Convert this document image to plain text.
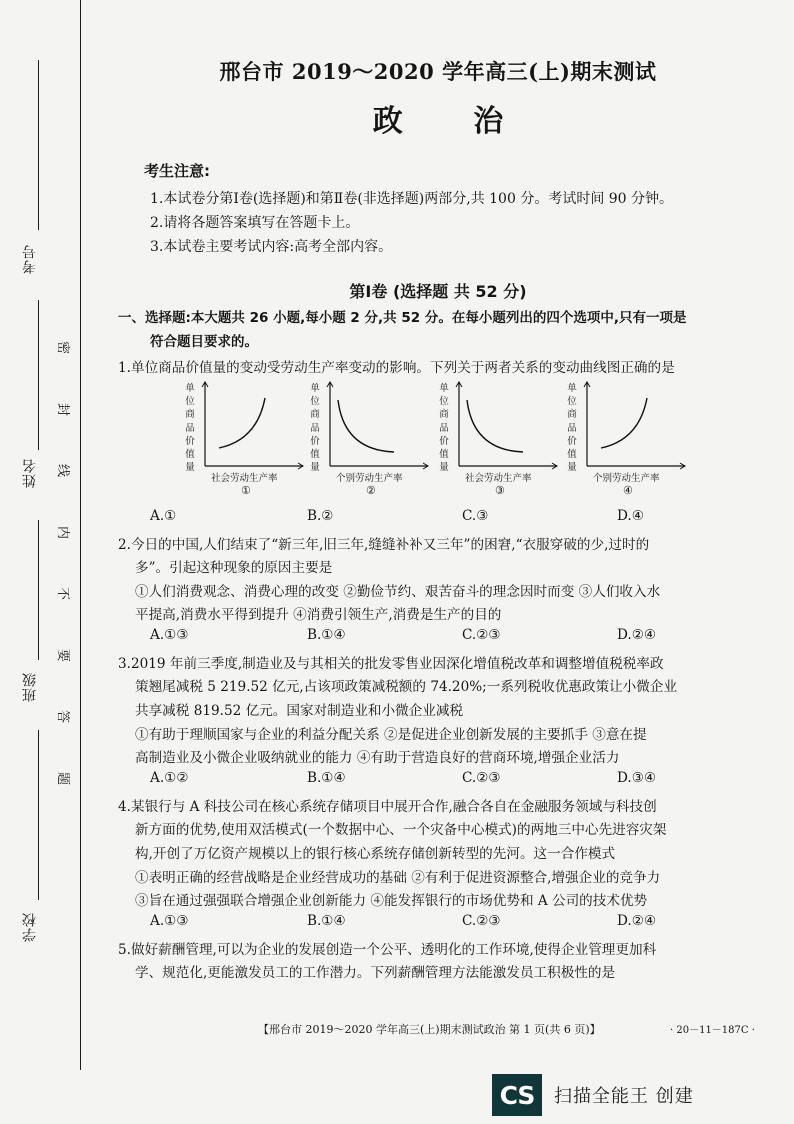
考号
姓名
班级
学校
密
封
线
内
不
要
答
题
邢台市 2019～2020 学年高三(上)期末测试
政 治
考生注意:
1.本试卷分第Ⅰ卷(选择题)和第Ⅱ卷(非选择题)两部分,共 100 分。考试时间 90 分钟。
2.请将各题答案填写在答题卡上。
3.本试卷主要考试内容:高考全部内容。
第Ⅰ卷 (选择题 共 52 分)
一、选择题:本大题共 26 小题,每小题 2 分,共 52 分。在每小题列出的四个选项中,只有一项是
符合题目要求的。
1.单位商品价值量的变动受劳动生产率变动的影响。下列关于两者关系的变动曲线图正确的是
单位商品价值量
社会劳动生产率
①
单位商品价值量
个别劳动生产率
②
单位商品价值量
社会劳动生产率
③
单位商品价值量
个别劳动生产率
④
A.①	B.②	C.③	D.④
2.今日的中国,人们结束了“新三年,旧三年,缝缝补补又三年”的困窘,“衣服穿破的少,过时的
多”。引起这种现象的原因主要是
①人们消费观念、消费心理的改变 ②勤俭节约、艰苦奋斗的理念因时而变 ③人们收入水
平提高,消费水平得到提升 ④消费引领生产,消费是生产的目的
A.①③	B.①④	C.②③	D.②④
3.2019 年前三季度,制造业及与其相关的批发零售业因深化增值税改革和调整增值税税率政
策翘尾减税 5 219.52 亿元,占该项政策减税额的 74.20%;一系列税收优惠政策让小微企业
共享减税 819.52 亿元。国家对制造业和小微企业减税
①有助于理顺国家与企业的利益分配关系 ②是促进企业创新发展的主要抓手 ③意在提
高制造业及小微企业吸纳就业的能力 ④有助于营造良好的营商环境,增强企业活力
A.①②	B.①④	C.②③	D.③④
4.某银行与 A 科技公司在核心系统存储项目中展开合作,融合各自在金融服务领域与科技创
新方面的优势,使用双活模式(一个数据中心、一个灾备中心模式)的两地三中心先进容灾架
构,开创了万亿资产规模以上的银行核心系统存储创新转型的先河。这一合作模式
①表明正确的经营战略是企业经营成功的基础 ②有利于促进资源整合,增强企业的竞争力
③旨在通过强强联合增强企业创新能力 ④能发挥银行的市场优势和 A 公司的技术优势
A.①③	B.①④	C.②③	D.②④
5.做好薪酬管理,可以为企业的发展创造一个公平、透明化的工作环境,使得企业管理更加科
学、规范化,更能激发员工的工作潜力。下列薪酬管理方法能激发员工积极性的是
【邢台市 2019～2020 学年高三(上)期末测试政治 第 1 页(共 6 页)】	· 20－11－187C ·
CS	扫描全能王 创建
